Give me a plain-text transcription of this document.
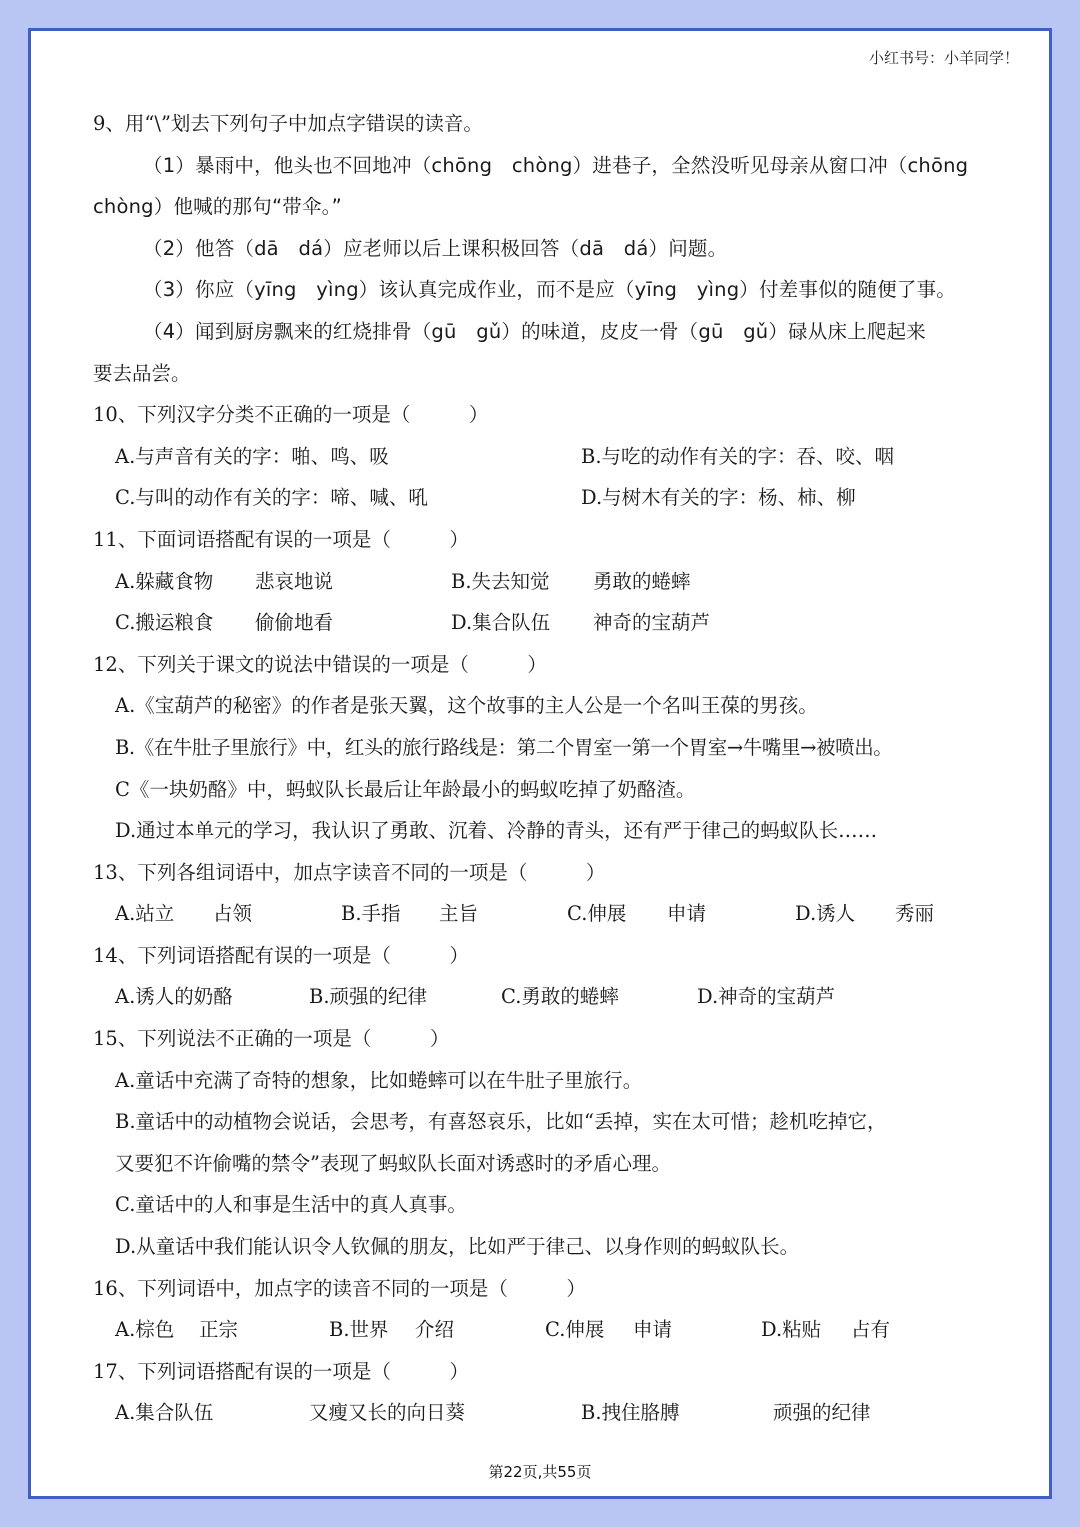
小红书号：小羊同学！
9、用“\”划去下列句子中加点字错误的读音。
（1）暴雨中，他头也不回地冲（chōng　chòng）进巷子，全然没听见母亲从窗口冲（chōng
chòng）他喊的那句“带伞。”
（2）他答（dā　dá）应老师以后上课积极回答（dā　dá）问题。
（3）你应（yīng　yìng）该认真完成作业，而不是应（yīng　yìng）付差事似的随便了事。
（4）闻到厨房飘来的红烧排骨（gū　gǔ）的味道，皮皮一骨（gū　gǔ）碌从床上爬起来
要去品尝。
10、下列汉字分类不正确的一项是（　　　）
A.与声音有关的字：啪、鸣、吸	B.与吃的动作有关的字：吞、咬、咽
C.与叫的动作有关的字：啼、喊、吼	D.与树木有关的字：杨、柿、柳
11、下面词语搭配有误的一项是（　　　）
A.躲藏食物 悲哀地说	B.失去知觉 勇敢的蜷蟀
C.搬运粮食 偷偷地看	D.集合队伍 神奇的宝葫芦
12、下列关于课文的说法中错误的一项是（　　　）
A.《宝葫芦的秘密》的作者是张天翼，这个故事的主人公是一个名叫王葆的男孩。
B.《在牛肚子里旅行》中，红头的旅行路线是：第二个胃室一第一个胃室→牛嘴里→被喷出。
C《一块奶酪》中，蚂蚁队长最后让年龄最小的蚂蚁吃掉了奶酪渣。
D.通过本单元的学习，我认识了勇敢、沉着、冷静的青头，还有严于律己的蚂蚁队长……
13、下列各组词语中，加点字读音不同的一项是（　　　）
A.站立 占领	B.手指 主旨	C.伸展 申请	D.诱人 秀丽
14、下列词语搭配有误的一项是（　　　）
A.诱人的奶酪	B.顽强的纪律	C.勇敢的蜷蟀	D.神奇的宝葫芦
15、下列说法不正确的一项是（　　　）
A.童话中充满了奇特的想象，比如蜷蟀可以在牛肚子里旅行。
B.童话中的动植物会说话，会思考，有喜怒哀乐，比如“丢掉，实在太可惜；趁机吃掉它，
又要犯不许偷嘴的禁令”表现了蚂蚁队长面对诱惑时的矛盾心理。
C.童话中的人和事是生活中的真人真事。
D.从童话中我们能认识令人钦佩的朋友，比如严于律己、以身作则的蚂蚁队长。
16、下列词语中，加点字的读音不同的一项是（　　　）
A.棕色 正宗	B.世界 介绍	C.伸展 申请	D.粘贴 占有
17、下列词语搭配有误的一项是（　　　）
A.集合队伍	又瘦又长的向日葵	B.拽住胳膊	顽强的纪律
第22页,共55页
